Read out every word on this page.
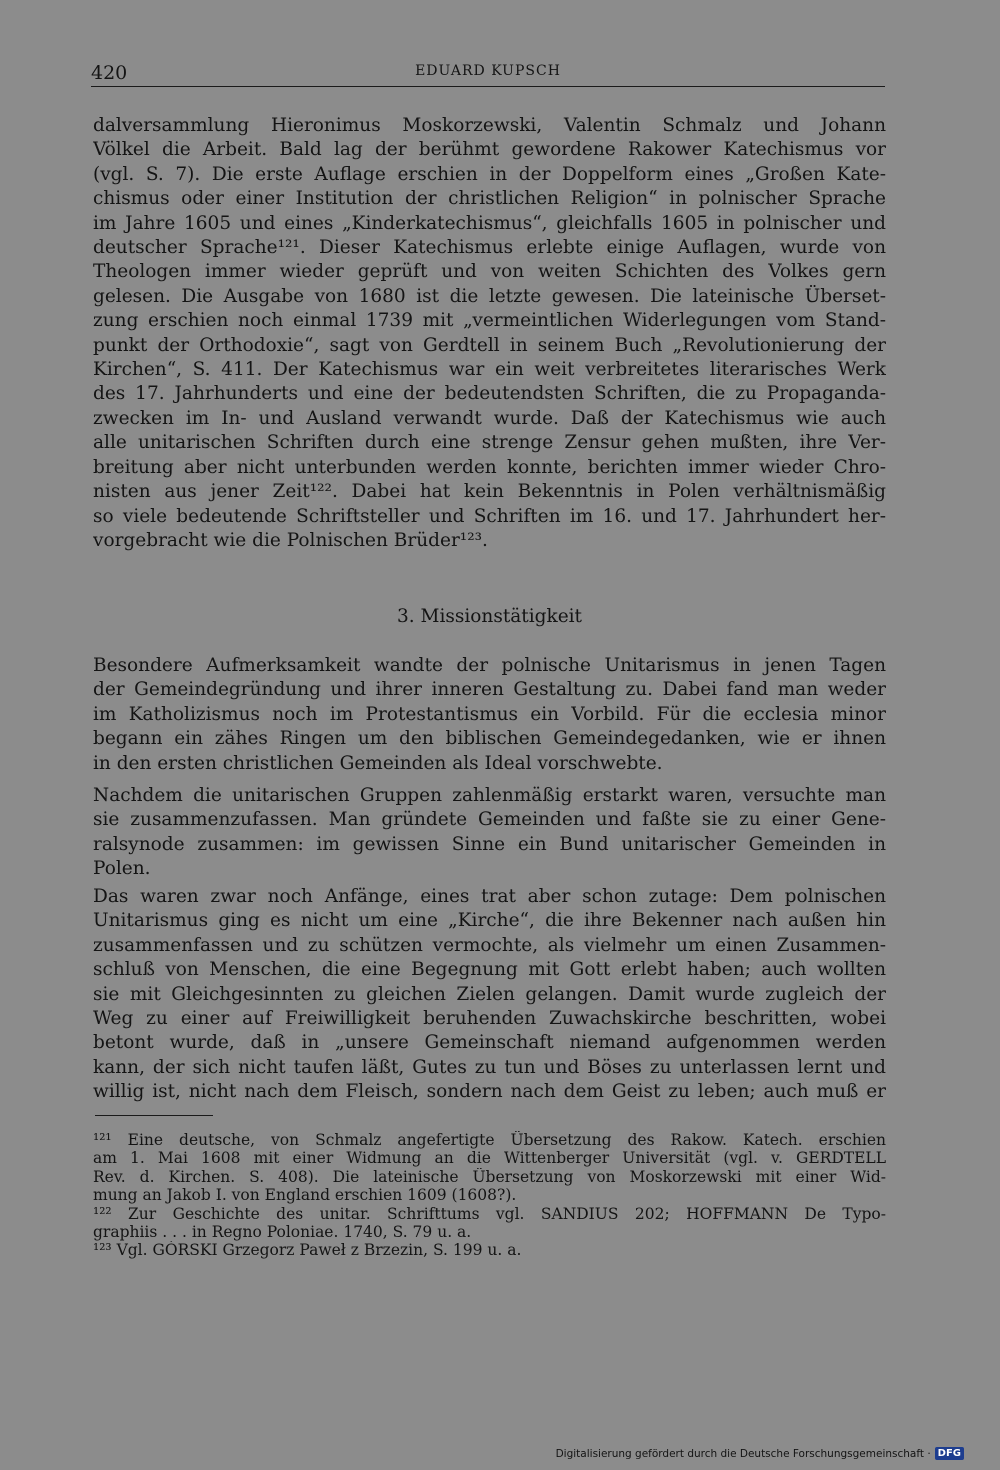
420	EDUARD KUPSCH
dalversammlung Hieronimus Moskorzewski, Valentin Schmalz und Johann
Völkel die Arbeit. Bald lag der berühmt gewordene Rakower Katechismus vor
(vgl. S. 7). Die erste Auflage erschien in der Doppelform eines „Großen Kate-
chismus oder einer Institution der christlichen Religion“ in polnischer Sprache
im Jahre 1605 und eines „Kinderkatechismus“, gleichfalls 1605 in polnischer und
deutscher Sprache¹²¹. Dieser Katechismus erlebte einige Auflagen, wurde von
Theologen immer wieder geprüft und von weiten Schichten des Volkes gern
gelesen. Die Ausgabe von 1680 ist die letzte gewesen. Die lateinische Überset-
zung erschien noch einmal 1739 mit „vermeintlichen Widerlegungen vom Stand-
punkt der Orthodoxie“, sagt von Gerdtell in seinem Buch „Revolutionierung der
Kirchen“, S. 411. Der Katechismus war ein weit verbreitetes literarisches Werk
des 17. Jahrhunderts und eine der bedeutendsten Schriften, die zu Propaganda-
zwecken im In- und Ausland verwandt wurde. Daß der Katechismus wie auch
alle unitarischen Schriften durch eine strenge Zensur gehen mußten, ihre Ver-
breitung aber nicht unterbunden werden konnte, berichten immer wieder Chro-
nisten aus jener Zeit¹²². Dabei hat kein Bekenntnis in Polen verhältnismäßig
so viele bedeutende Schriftsteller und Schriften im 16. und 17. Jahrhundert her-
vorgebracht wie die Polnischen Brüder¹²³.
3. Missionstätigkeit
Besondere Aufmerksamkeit wandte der polnische Unitarismus in jenen Tagen
der Gemeindegründung und ihrer inneren Gestaltung zu. Dabei fand man weder
im Katholizismus noch im Protestantismus ein Vorbild. Für die ecclesia minor
begann ein zähes Ringen um den biblischen Gemeindegedanken, wie er ihnen
in den ersten christlichen Gemeinden als Ideal vorschwebte.
Nachdem die unitarischen Gruppen zahlenmäßig erstarkt waren, versuchte man
sie zusammenzufassen. Man gründete Gemeinden und faßte sie zu einer Gene-
ralsynode zusammen: im gewissen Sinne ein Bund unitarischer Gemeinden in
Polen.
Das waren zwar noch Anfänge, eines trat aber schon zutage: Dem polnischen
Unitarismus ging es nicht um eine „Kirche“, die ihre Bekenner nach außen hin
zusammenfassen und zu schützen vermochte, als vielmehr um einen Zusammen-
schluß von Menschen, die eine Begegnung mit Gott erlebt haben; auch wollten
sie mit Gleichgesinnten zu gleichen Zielen gelangen. Damit wurde zugleich der
Weg zu einer auf Freiwilligkeit beruhenden Zuwachskirche beschritten, wobei
betont wurde, daß in „unsere Gemeinschaft niemand aufgenommen werden
kann, der sich nicht taufen läßt, Gutes zu tun und Böses zu unterlassen lernt und
willig ist, nicht nach dem Fleisch, sondern nach dem Geist zu leben; auch muß er
¹²¹ Eine deutsche, von Schmalz angefertigte Übersetzung des Rakow. Katech. erschien
am 1. Mai 1608 mit einer Widmung an die Wittenberger Universität (vgl. v. GERDTELL
Rev. d. Kirchen. S. 408). Die lateinische Übersetzung von Moskorzewski mit einer Wid-
mung an Jakob I. von England erschien 1609 (1608?).
¹²² Zur Geschichte des unitar. Schrifttums vgl. SANDIUS 202; HOFFMANN De Typo-
graphiis . . . in Regno Poloniae. 1740, S. 79 u. a.
¹²³ Vgl. GÓRSKI Grzegorz Paweł z Brzezin, S. 199 u. a.
Digitalisierung gefördert durch die Deutsche Forschungsgemeinschaft · DFG
